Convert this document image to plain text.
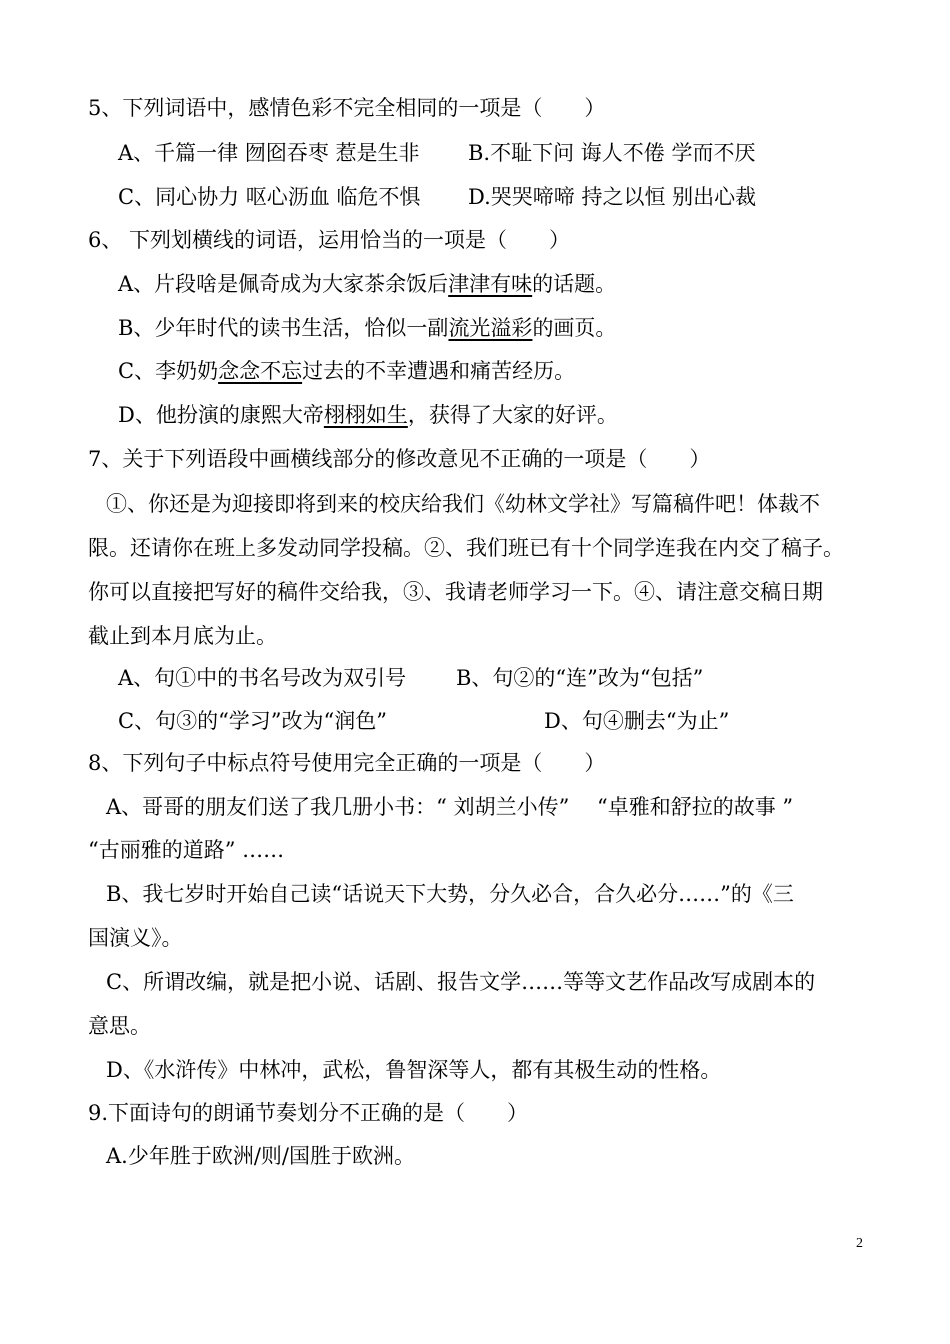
5、下列词语中，感情色彩不完全相同的一项是（　　）
A、千篇一律 囫囵吞枣 惹是生非 B.不耻下问 诲人不倦 学而不厌
C、同心协力 呕心沥血 临危不惧 D.哭哭啼啼 持之以恒 别出心裁
6、 下列划横线的词语，运用恰当的一项是（　　）
A、片段啥是佩奇成为大家茶余饭后津津有味的话题。
B、少年时代的读书生活，恰似一副流光溢彩的画页。
C、李奶奶念念不忘过去的不幸遭遇和痛苦经历。
D、他扮演的康熙大帝栩栩如生，获得了大家的好评。
7、关于下列语段中画横线部分的修改意见不正确的一项是（　　）
①、你还是为迎接即将到来的校庆给我们《幼林文学社》写篇稿件吧！体裁不
限。还请你在班上多发动同学投稿。②、我们班已有十个同学连我在内交了稿子。
你可以直接把写好的稿件交给我，③、我请老师学习一下。④、请注意交稿日期
截止到本月底为止。
A、句①中的书名号改为双引号 B、句②的“连”改为“包括”
C、句③的“学习”改为“润色”	D、句④删去“为止”
8、下列句子中标点符号使用完全正确的一项是（　　）
A、哥哥的朋友们送了我几册小书：“ 刘胡兰小传”　 “卓雅和舒拉的故事 ”
“古丽雅的道路” ……
B、我七岁时开始自己读“话说天下大势，分久必合，合久必分……”的《三
国演义》。
C、所谓改编，就是把小说、话剧、报告文学……等等文艺作品改写成剧本的
意思。
D、《水浒传》中林冲，武松，鲁智深等人，都有其极生动的性格。
9.下面诗句的朗诵节奏划分不正确的是（　　）
A.少年胜于欧洲/则/国胜于欧洲。
2
